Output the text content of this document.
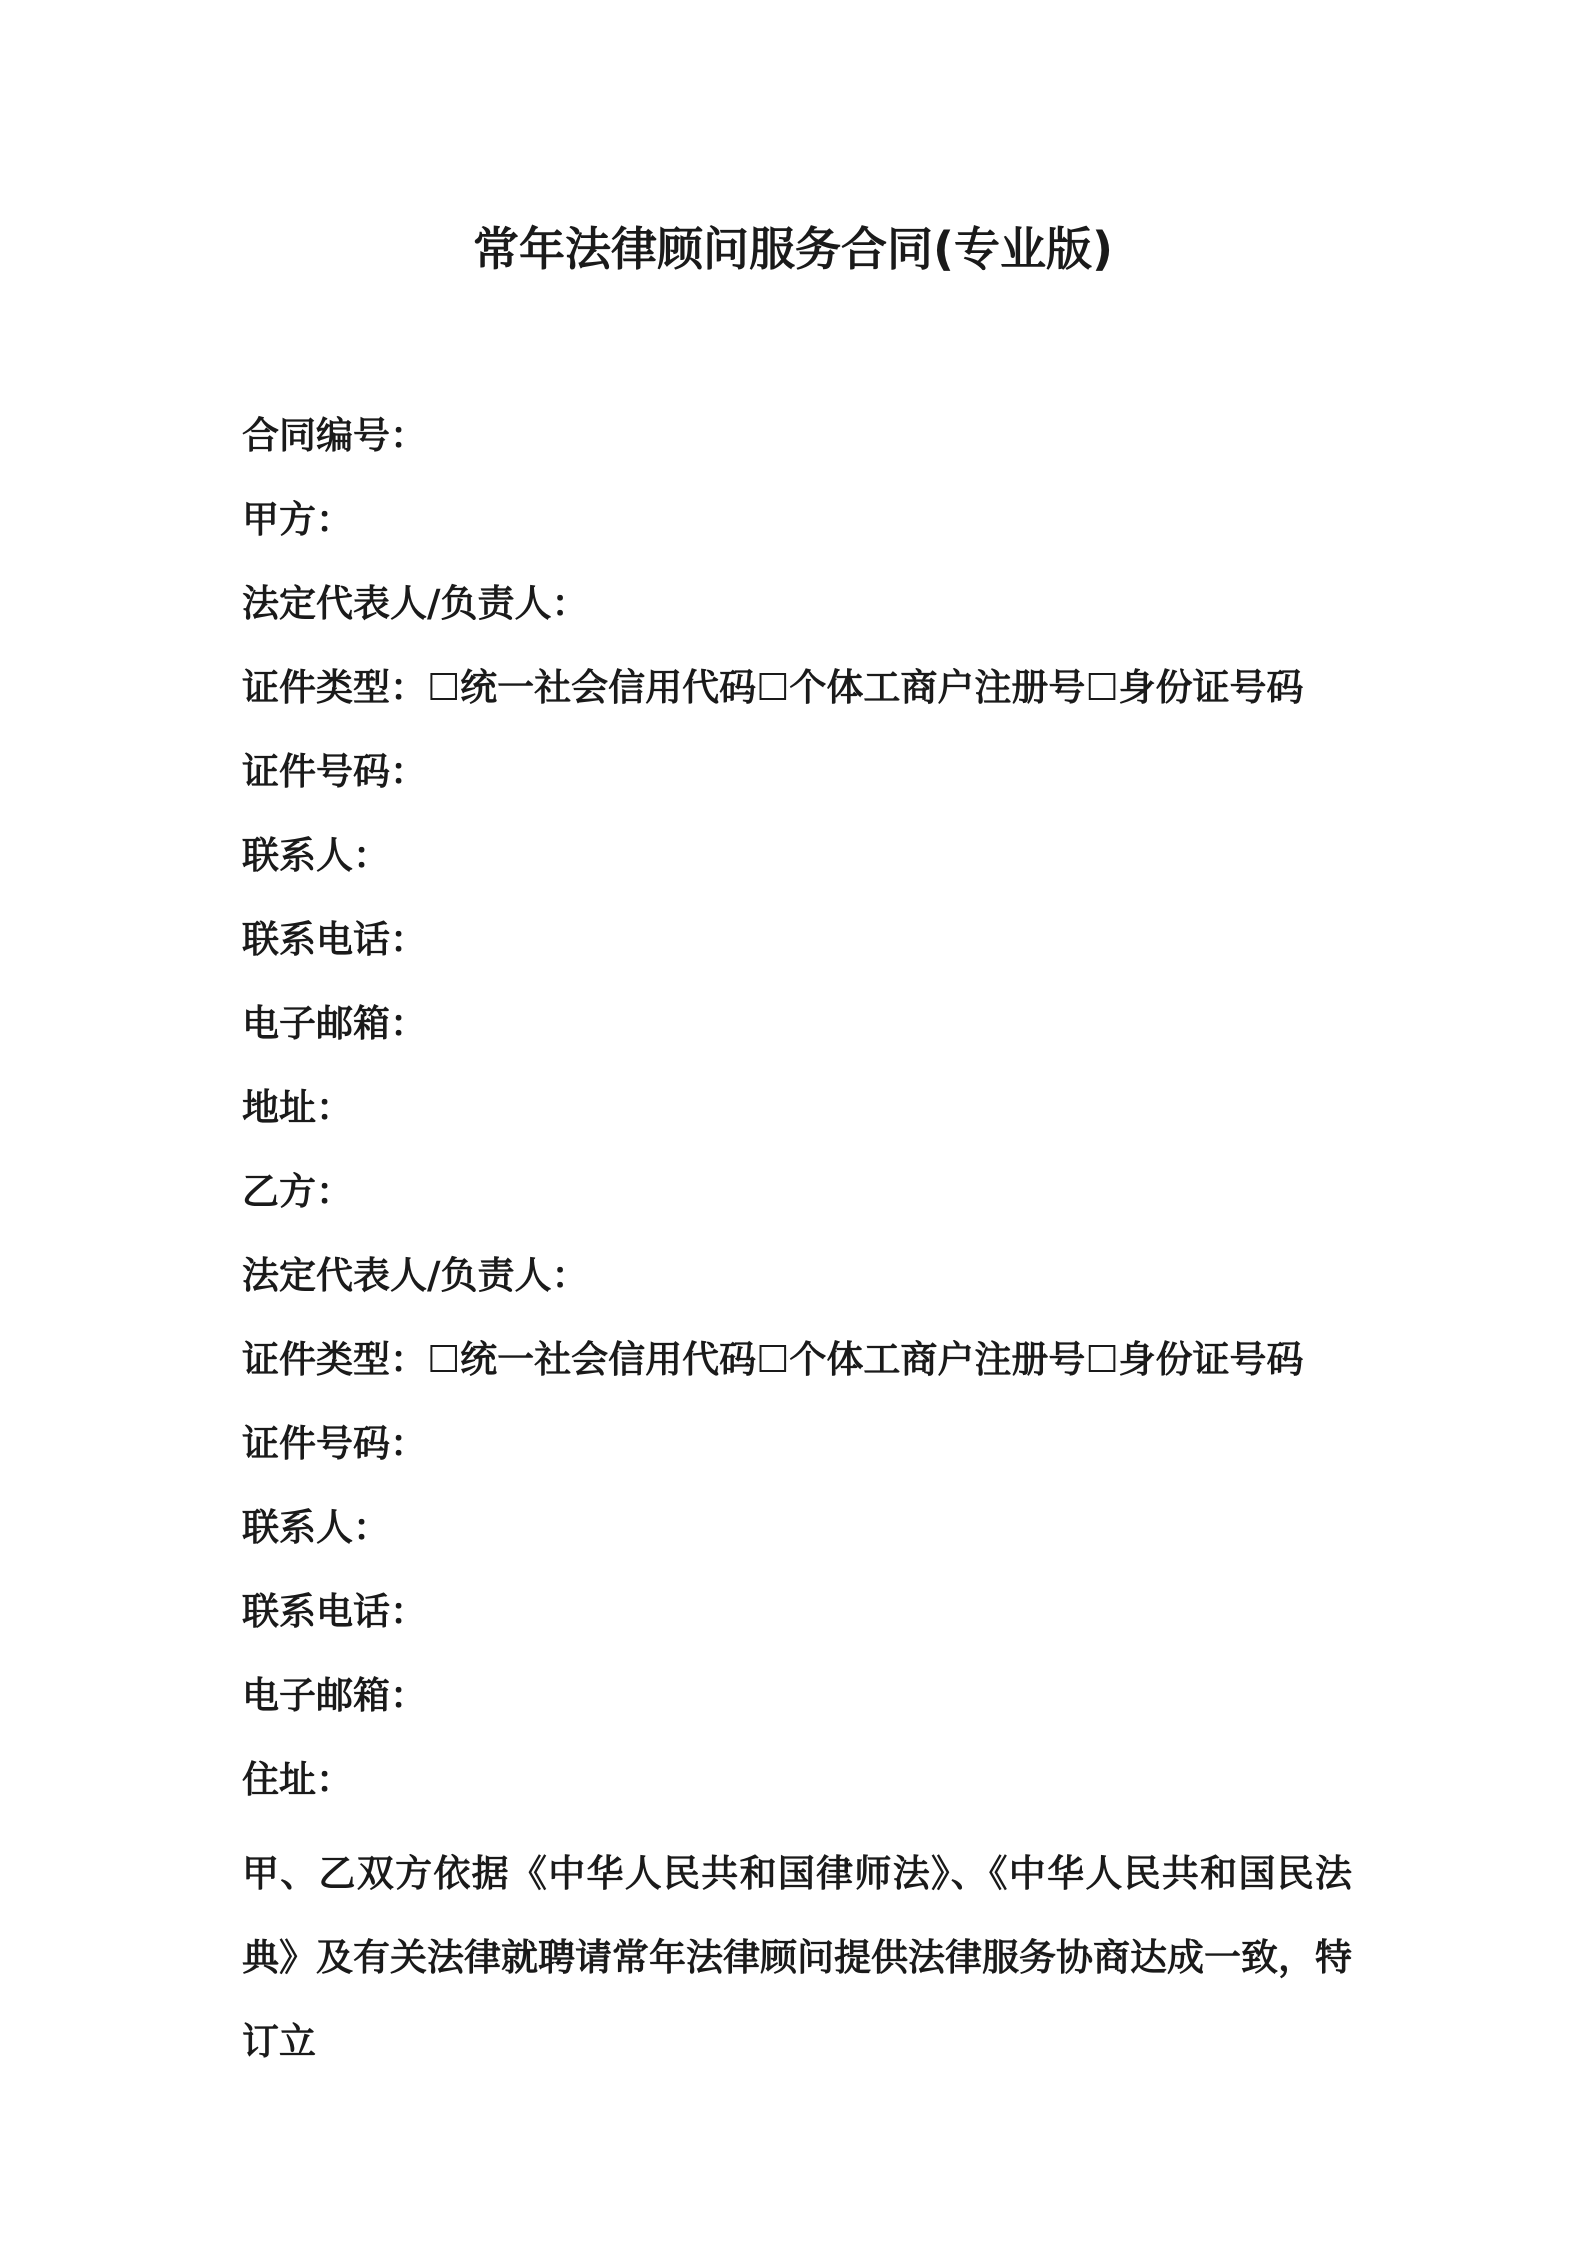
常年法律顾问服务合同(专业版)
合同编号：
甲方：
法定代表人/负责人：
证件类型：☐统一社会信用代码☐个体工商户注册号☐身份证号码
证件号码：
联系人：
联系电话：
电子邮箱：
地址：
乙方：
法定代表人/负责人：
证件类型：☐统一社会信用代码☐个体工商户注册号☐身份证号码
证件号码：
联系人：
联系电话：
电子邮箱：
住址：

甲、乙双方依据《中华人民共和国律师法》、《中华人民共和国民法典》及有关法律就聘请常年法律顾问提供法律服务协商达成一致，特订立
